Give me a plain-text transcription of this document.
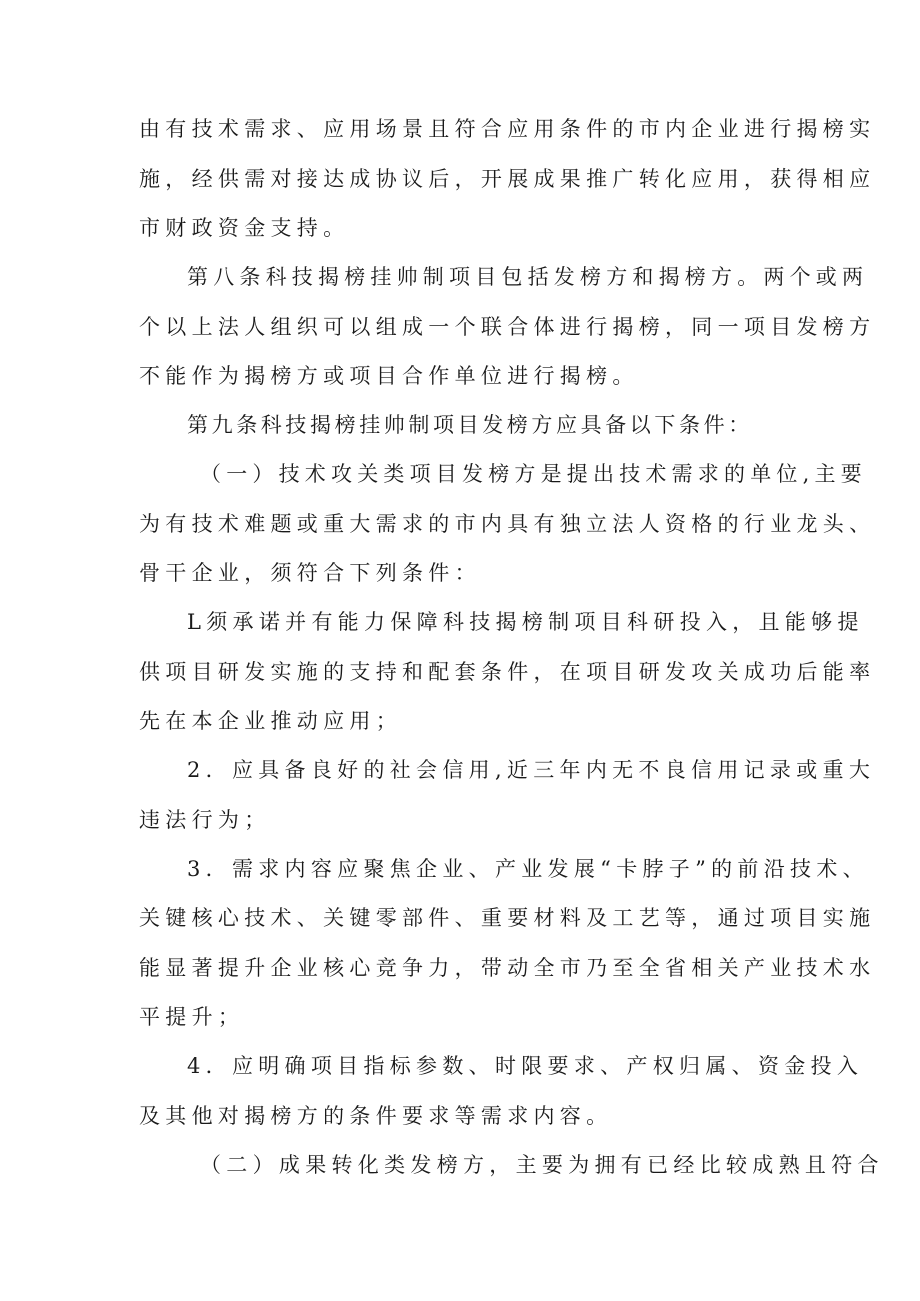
由有技术需求、应用场景且符合应用条件的市内企业进行揭榜实
施，经供需对接达成协议后，开展成果推广转化应用，获得相应
市财政资金支持。
第八条科技揭榜挂帅制项目包括发榜方和揭榜方。两个或两
个以上法人组织可以组成一个联合体进行揭榜，同一项目发榜方
不能作为揭榜方或项目合作单位进行揭榜。
第九条科技揭榜挂帅制项目发榜方应具备以下条件：
（一）技术攻关类项目发榜方是提出技术需求的单位,主要
为有技术难题或重大需求的市内具有独立法人资格的行业龙头、
骨干企业，须符合下列条件：
L须承诺并有能力保障科技揭榜制项目科研投入，且能够提
供项目研发实施的支持和配套条件，在项目研发攻关成功后能率
先在本企业推动应用；
2．应具备良好的社会信用,近三年内无不良信用记录或重大
违法行为；
3．需求内容应聚焦企业、产业发展“卡脖子”的前沿技术、
关键核心技术、关键零部件、重要材料及工艺等，通过项目实施
能显著提升企业核心竞争力，带动全市乃至全省相关产业技术水
平提升；
4．应明确项目指标参数、时限要求、产权归属、资金投入
及其他对揭榜方的条件要求等需求内容。
（二）成果转化类发榜方，主要为拥有已经比较成熟且符合
